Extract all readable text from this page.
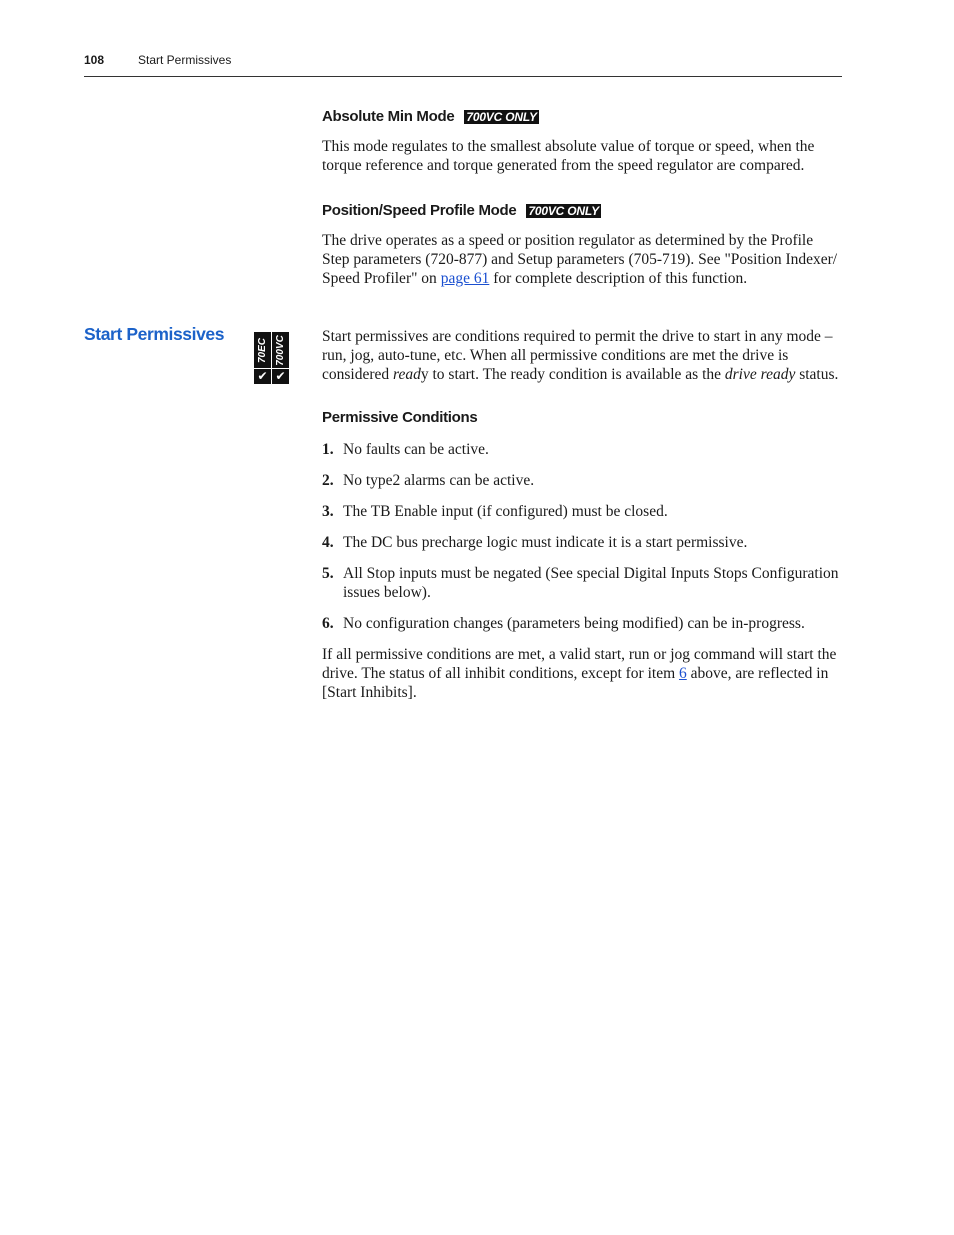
108	Start Permissives
Absolute Min Mode 700VC ONLY

This mode regulates to the smallest absolute value of torque or speed, when the torque reference and torque generated from the speed regulator are compared.

Position/Speed Profile Mode 700VC ONLY

The drive operates as a speed or position regulator as determined by the Profile Step parameters (720-877) and Setup parameters (705-719). See "Position Indexer/ Speed Profiler" on page 61 for complete description of this function.

Start Permissives
70EC
✔
700VC
✔

Start permissives are conditions required to permit the drive to start in any mode – run, jog, auto-tune, etc. When all permissive conditions are met the drive is considered ready to start. The ready condition is available as the drive ready status.

Permissive Conditions
1. No faults can be active.
2. No type2 alarms can be active.
3. The TB Enable input (if configured) must be closed.
4. The DC bus precharge logic must indicate it is a start permissive.
5. All Stop inputs must be negated (See special Digital Inputs Stops Configuration issues below).
6. No configuration changes (parameters being modified) can be in-progress.

If all permissive conditions are met, a valid start, run or jog command will start the drive. The status of all inhibit conditions, except for item 6 above, are reflected in [Start Inhibits].
